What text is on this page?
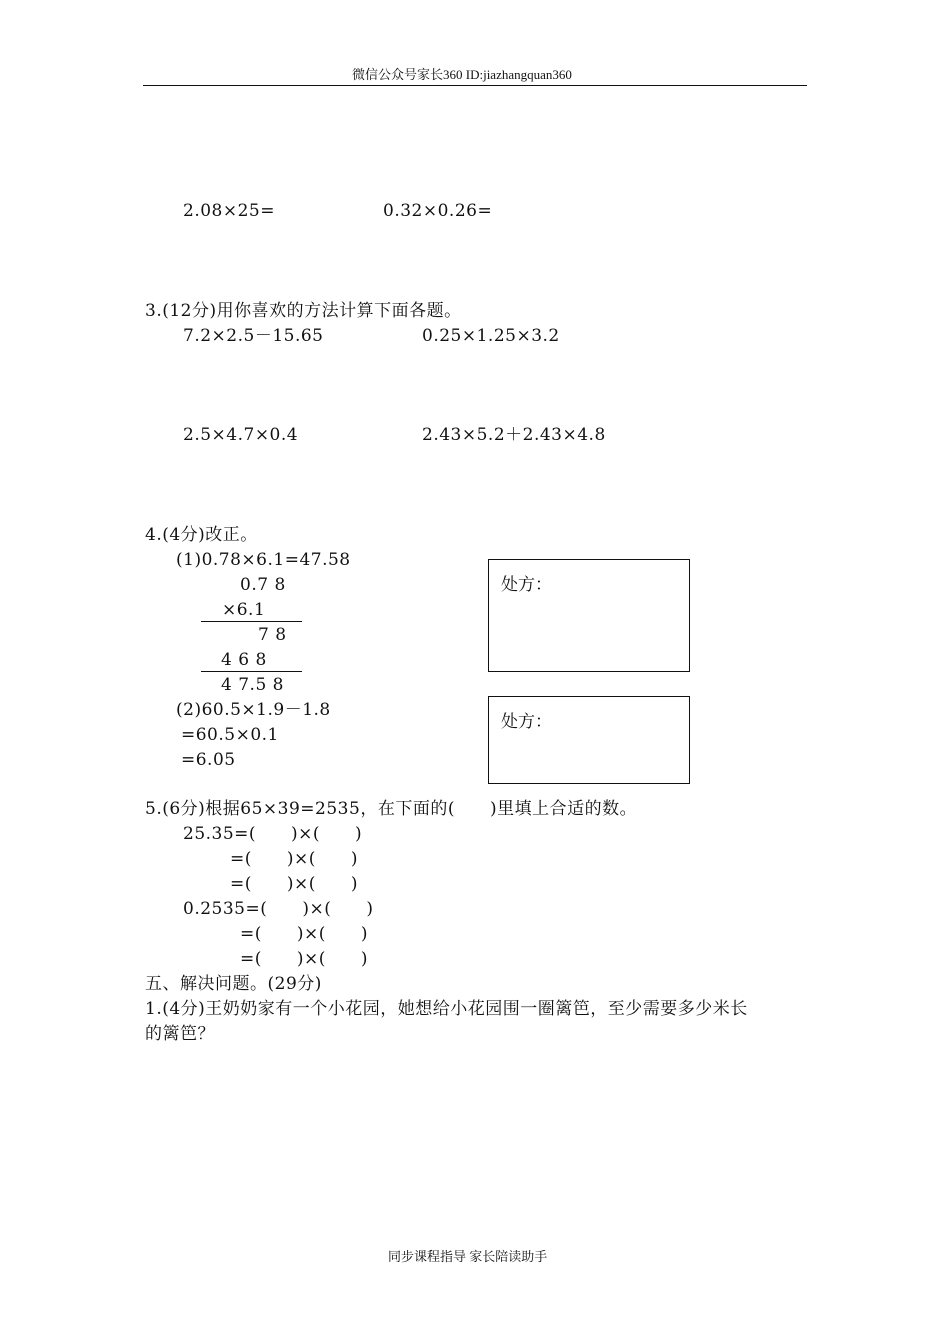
微信公众号家长360 ID:jiazhangquan360
2.08×25=	0.32×0.26=
3.(12分)用你喜欢的方法计算下面各题。
7.2×2.5－15.65	0.25×1.25×3.2
2.5×4.7×0.4	2.43×5.2＋2.43×4.8
4.(4分)改正。
(1)0.78×6.1=47.58
0.7 8
×6.1
7 8
4 6 8
4 7.5 8
(2)60.5×1.9－1.8
=60.5×0.1
=6.05
处方：
处方：
5.(6分)根据65×39=2535，在下面的(　　)里填上合适的数。
25.35=(　　)×(　　)
=(　　)×(　　)
=(　　)×(　　)
0.2535=(　　)×(　　)
=(　　)×(　　)
=(　　)×(　　)
五、解决问题。(29分)
1.(4分)王奶奶家有一个小花园，她想给小花园围一圈篱笆，至少需要多少米长
的篱笆？
同步课程指导 家长陪读助手
